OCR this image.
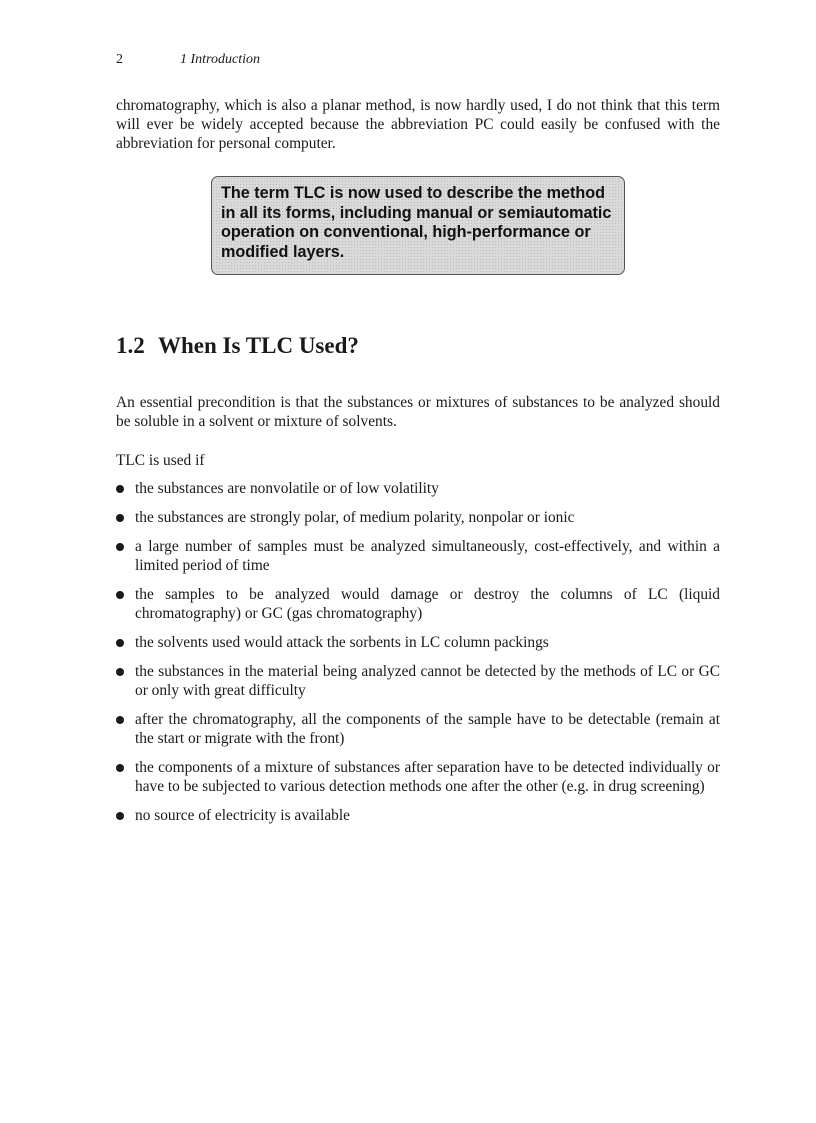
2	1 Introduction

chromatography, which is also a planar method, is now hardly used, I do not think that this term will ever be widely accepted because the abbreviation PC could easily be confused with the abbreviation for personal computer.

The term TLC is now used to describe the method in all its forms, including manual or semiautomatic operation on conventional, high-performance or modified layers.

1.2 When Is TLC Used?

An essential precondition is that the substances or mixtures of substances to be analyzed should be soluble in a solvent or mixture of solvents.

TLC is used if

the substances are nonvolatile or of low volatility
the substances are strongly polar, of medium polarity, nonpolar or ionic
a large number of samples must be analyzed simultaneously, cost-effectively, and within a limited period of time
the samples to be analyzed would damage or destroy the columns of LC (liquid chromatography) or GC (gas chromatography)
the solvents used would attack the sorbents in LC column packings
the substances in the material being analyzed cannot be detected by the methods of LC or GC or only with great difficulty
after the chromatography, all the components of the sample have to be detectable (remain at the start or migrate with the front)
the components of a mixture of substances after separation have to be detected individually or have to be subjected to various detection methods one after the other (e.g. in drug screening)
no source of electricity is available
